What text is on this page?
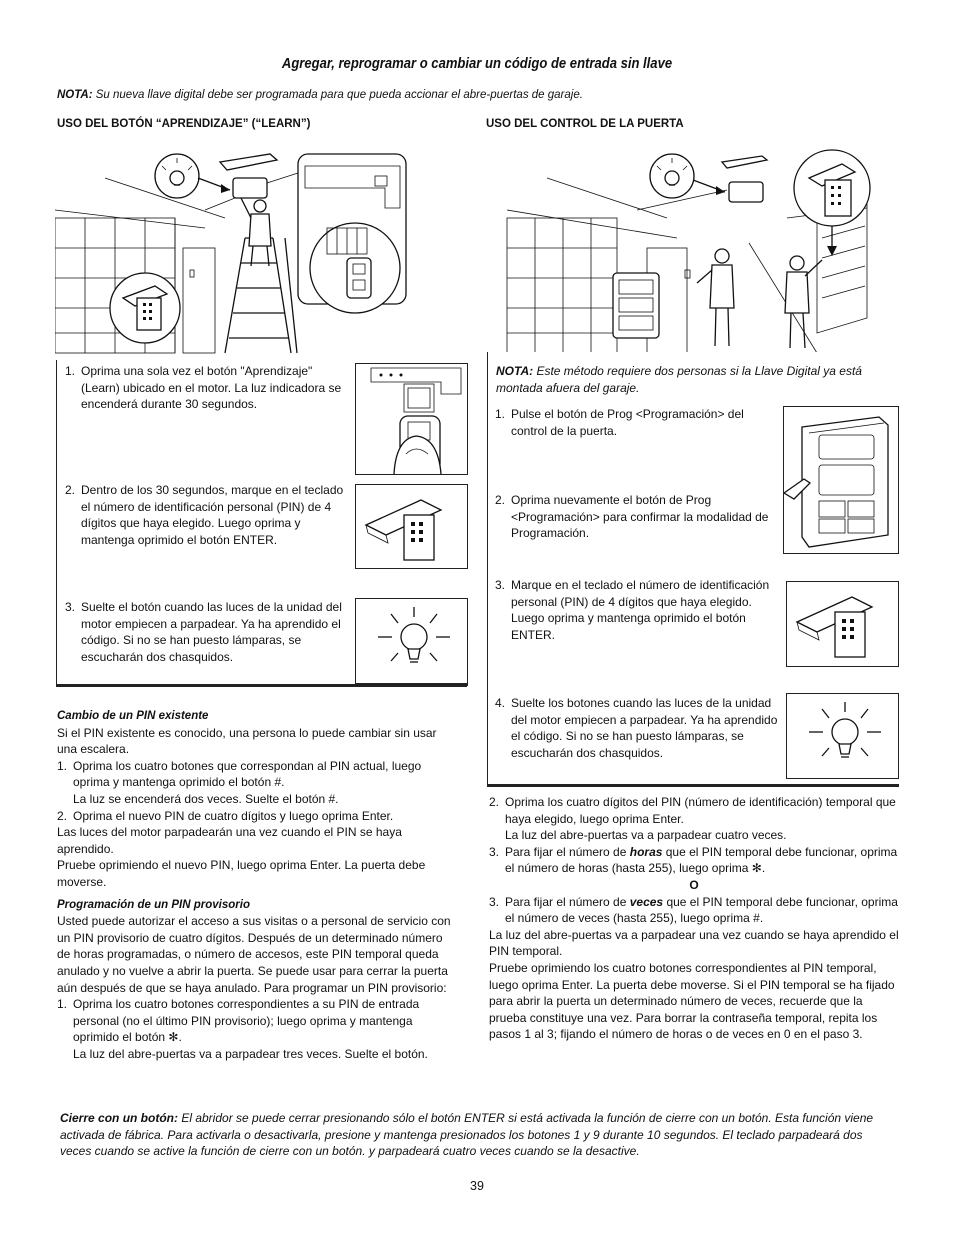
Agregar, reprogramar o cambiar un código de entrada sin llave
NOTA: Su nueva llave digital debe ser programada para que pueda accionar el abre-puertas de garaje.
USO DEL BOTÓN “APRENDIZAJE” (“LEARN”)	USO DEL CONTROL DE LA PUERTA
1. Oprima una sola vez el botón "Aprendizaje" (Learn) ubicado en el motor. La luz indicadora se encenderá durante 30 segundos.
2. Dentro de los 30 segundos, marque en el teclado el número de identificación personal (PIN) de 4 dígitos que haya elegido. Luego oprima y mantenga oprimido el botón ENTER.
3. Suelte el botón cuando las luces de la unidad del motor empiecen a parpadear. Ya ha aprendido el código. Si no se han puesto lámparas, se escucharán dos chasquidos.
NOTA: Este método requiere dos personas si la Llave Digital ya está montada afuera del garaje.
1. Pulse el botón de Prog <Programación> del control de la puerta.
2. Oprima nuevamente el botón de Prog <Programación> para confirmar la modalidad de Programación.
3. Marque en el teclado el número de identificación personal (PIN) de 4 dígitos que haya elegido. Luego oprima y mantenga oprimido el botón ENTER.
4. Suelte los botones cuando las luces de la unidad del motor empiecen a parpadear. Ya ha aprendido el código. Si no se han puesto lámparas, se escucharán dos chasquidos.

Cambio de un PIN existente

Si el PIN existente es conocido, una persona lo puede cambiar sin usar una escalera.

1. Oprima los cuatro botones que correspondan al PIN actual, luego oprima y mantenga oprimido el botón #.

La luz se encenderá dos veces. Suelte el botón #.

2. Oprima el nuevo PIN de cuatro dígitos y luego oprima Enter.

Las luces del motor parpadearán una vez cuando el PIN se haya aprendido.

Pruebe oprimiendo el nuevo PIN, luego oprima Enter. La puerta debe moverse.

Programación de un PIN provisorio

Usted puede autorizar el acceso a sus visitas o a personal de servicio con un PIN provisorio de cuatro dígitos. Después de un determinado número de horas programadas, o número de accesos, este PIN temporal queda anulado y no vuelve a abrir la puerta. Se puede usar para cerrar la puerta aún después de que se haya anulado. Para programar un PIN provisorio:

1. Oprima los cuatro botones correspondientes a su PIN de entrada personal (no el último PIN provisorio); luego oprima y mantenga oprimido el botón ✻.

La luz del abre-puertas va a parpadear tres veces. Suelte el botón.

2. Oprima los cuatro dígitos del PIN (número de identificación) temporal que haya elegido, luego oprima Enter.

La luz del abre-puertas va a parpadear cuatro veces.

3. Para fijar el número de horas que el PIN temporal debe funcionar, oprima el número de horas (hasta 255), luego oprima ✻.

O

3. Para fijar el número de veces que el PIN temporal debe funcionar, oprima el número de veces (hasta 255), luego oprima #.

La luz del abre-puertas va a parpadear una vez cuando se haya aprendido el PIN temporal.

Pruebe oprimiendo los cuatro botones correspondientes al PIN temporal, luego oprima Enter. La puerta debe moverse. Si el PIN temporal se ha fijado para abrir la puerta un determinado número de veces, recuerde que la prueba constituye una vez. Para borrar la contraseña temporal, repita los pasos 1 al 3; fijando el número de horas o de veces en 0 en el paso 3.

Cierre con un botón: El abridor se puede cerrar presionando sólo el botón ENTER si está activada la función de cierre con un botón. Esta función viene activada de fábrica. Para activarla o desactivarla, presione y mantenga presionados los botones 1 y 9 durante 10 segundos. El teclado parpadeará dos veces cuando se active la función de cierre con un botón. y parpadeará cuatro veces cuando se la desactive.
39
